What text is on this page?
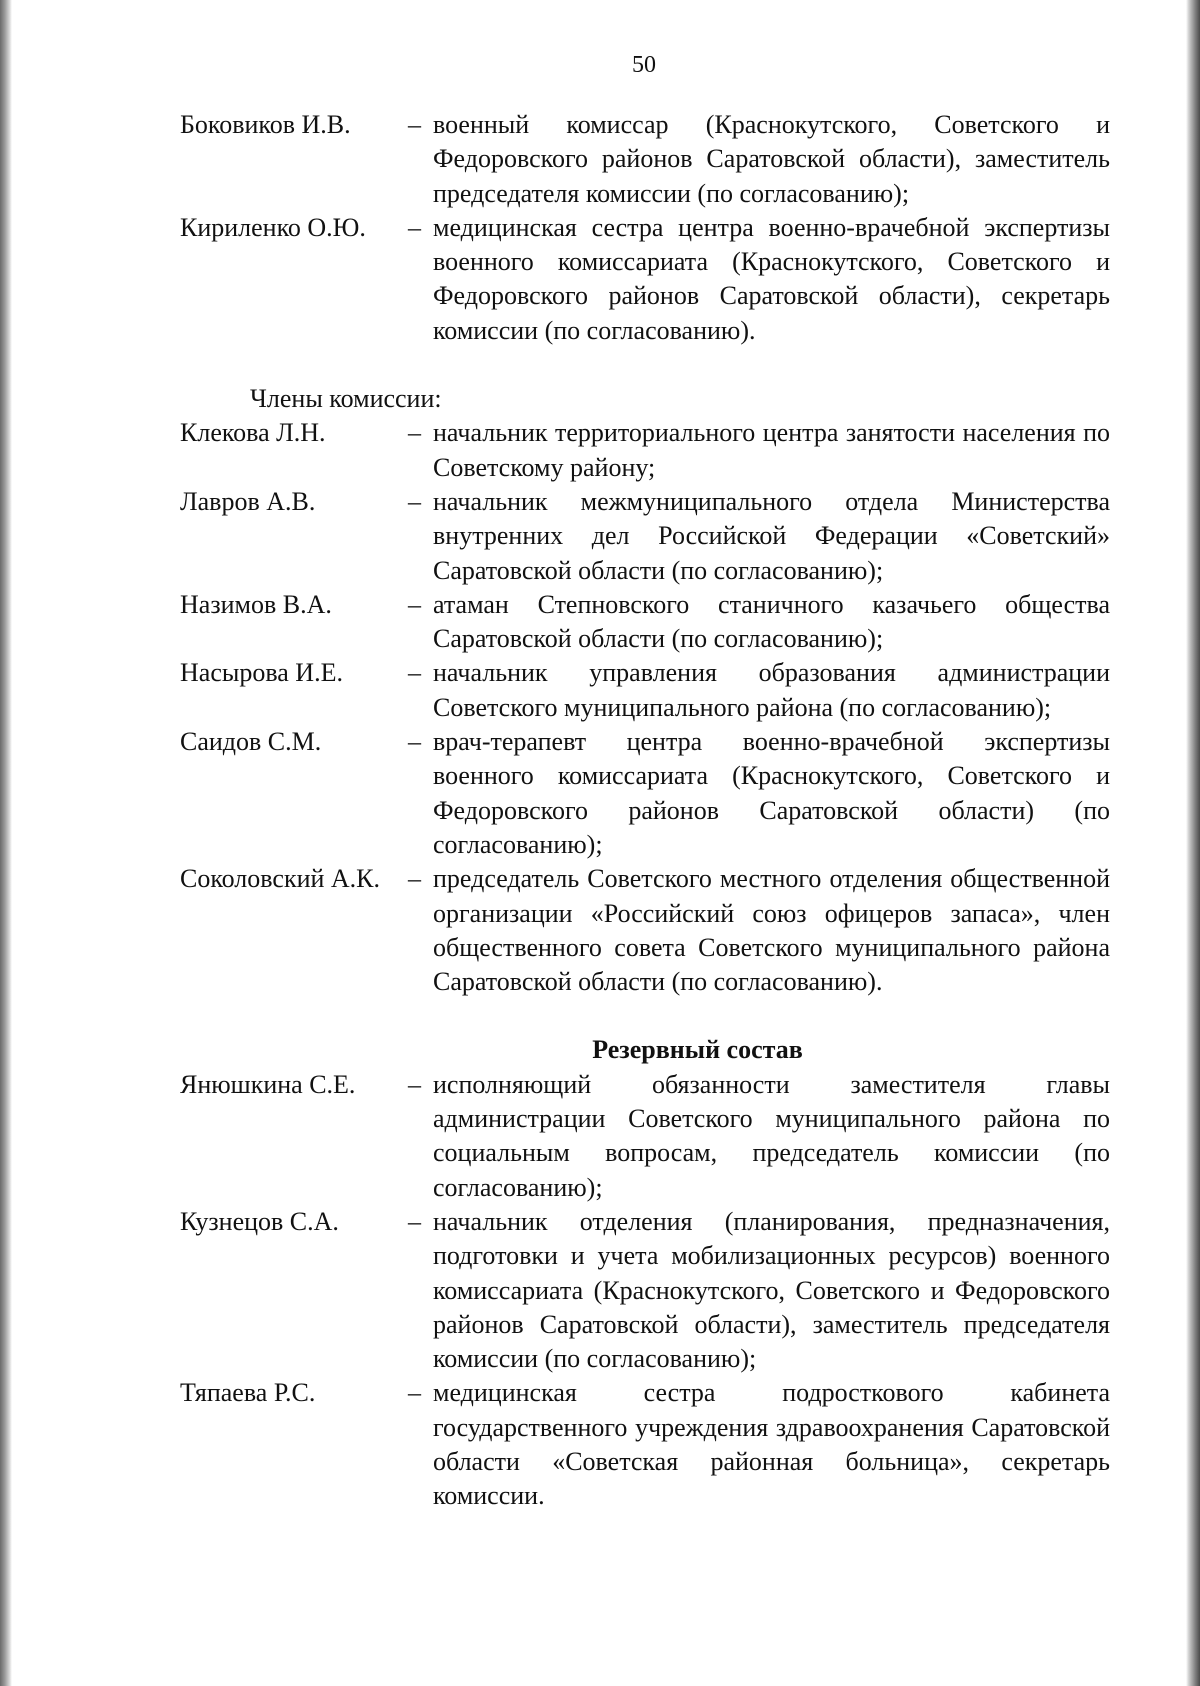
50
Боковиков И.В.	– военный комиссар (Краснокутского, Советского и Федоровского районов Саратовской области), заместитель председателя комиссии (по согласованию);
Кириленко О.Ю.	– медицинская сестра центра военно-врачебной экспертизы военного комиссариата (Краснокутского, Советского и Федоровского районов Саратовской области), секретарь комиссии (по согласованию).
Члены комиссии:
Клекова Л.Н.	– начальник территориального центра занятости населения по Советскому району;
Лавров А.В.	– начальник межмуниципального отдела Министерства внутренних дел Российской Федерации «Советский» Саратовской области (по согласованию);
Назимов В.А.	– атаман Степновского станичного казачьего общества Саратовской области (по согласованию);
Насырова И.Е.	– начальник управления образования администрации Советского муниципального района (по согласованию);
Саидов С.М.	– врач-терапевт центра военно-врачебной экспертизы военного комиссариата (Краснокутского, Советского и Федоровского районов Саратовской области) (по согласованию);
Соколовский А.К.	– председатель Советского местного отделения общественной организации «Российский союз офицеров запаса», член общественного совета Советского муниципального района Саратовской области (по согласованию).
Резервный состав
Янюшкина С.Е.	– исполняющий обязанности заместителя главы администрации Советского муниципального района по социальным вопросам, председатель комиссии (по согласованию);
Кузнецов С.А.	– начальник отделения (планирования, предназначения, подготовки и учета мобилизационных ресурсов) военного комиссариата (Краснокутского, Советского и Федоровского районов Саратовской области), заместитель председателя комиссии (по согласованию);
Тяпаева Р.С.	– медицинская сестра подросткового кабинета государственного учреждения здравоохранения Саратовской области «Советская районная больница», секретарь комиссии.
